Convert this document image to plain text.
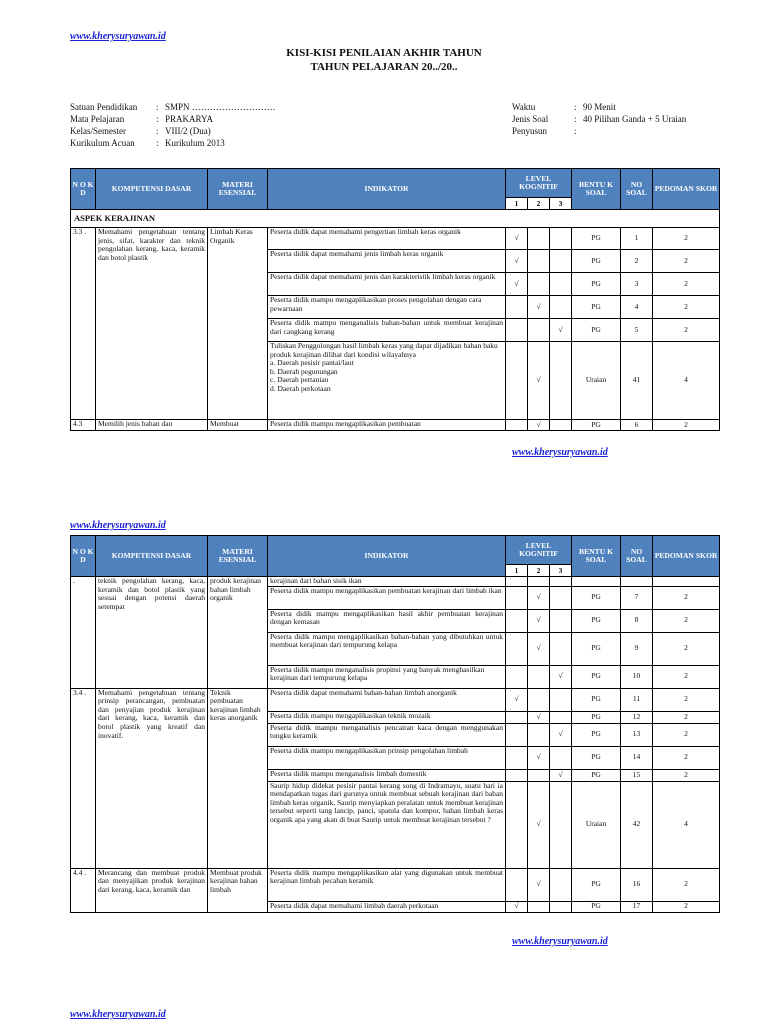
www.kherysuryawan.id
KISI-KISI PENILAIAN AKHIR TAHUN
TAHUN PELAJARAN 20../20..
Satuan Pendidikan	: SMPN ……………………….
Mata Pelajaran	: PRAKARYA
Kelas/Semester	: VIII/2 (Dua)
Kurikulum Acuan	: Kurikulum 2013
Waktu	: 90 Menit
Jenis Soal	: 40 Pilihan Ganda + 5 Uraian
Penyusun	:
N O K D	KOMPETENSI DASAR	MATERI ESENSIAL	INDIKATOR	LEVEL KOGNITIF			BENTU K SOAL	NO SOAL	PEDOMAN SKOR
				1	2	3			
ASPEK KERAJINAN									
3.3 .	Memahami pengetahuan tentang jenis, sifat, karakter dan teknik pengolahan kerang, kaca, keramik dan botol plastik	Limbah Keras Organik	Peserta didik dapat memahami pengertian limbah keras organik	√			PG	1	2
			Peserta didik dapat memahami jenis limbah keras organik	√			PG	2	2
			Peserta didik dapat memahami jenis dan karakteristik limbah keras organik	√			PG	3	2
			Peserta didik mampu mengaplikasikan proses pengolahan dengan cara pewarnaan		√		PG	4	2
			Peserta didik mampu menganalisis bahan-bahan untuk membuat kerajinan dari cangkang kerang			√	PG	5	2

			Tuliskan Penggolongan hasil limbah keras yang dapat dijadikan bahan baku produk kerajinan dilihat dari kondisi wilayahnya
a. Daerah pesisir pantai/laut
b. Daerah pegunungan
c. Daerah pertanian
d. Daerah perkotaan		√		Uraian	41	4
4.3	Memilih jenis bahan dan	Membuat	Peserta didik mampu mengaplikasikan pembuatan		√		PG	6	2
www.kherysuryawan.id
www.kherysuryawan.id
N O K D	KOMPETENSI DASAR	MATERI ESENSIAL	INDIKATOR	LEVEL KOGNITIF			BENTU K SOAL	NO SOAL	PEDOMAN SKOR
				1	2	3			
.	teknik pengolahan kerang, kaca, keramik dan botol plastik yang sesuai dengan potensi daerah setempat	produk kerajinan bahan limbah organik	kerajinan dari bahan sisik ikan						
			Peserta didik mampu mengaplikasikan pembuatan kerajinan dari limbah ikan		√		PG	7	2
			Peserta didik mampu mengaplikasikan hasil akhir pembuatan kerajinan dengan kemasan		√		PG	8	2
			Peserta didik mampu mengaplikasikan bahan-bahan yang dibutuhkan untuk membuat kerajinan dari tempurung kelapa		√		PG	9	2
			Peserta didik mampu menganalisis propinsi yang banyak menghasilkan kerajinan dari tempurung kelapa			√	PG	10	2
3.4 .	Memahami pengetahuan tentang prinsip perancangan, pembuatan dan penyajian produk kerajinan dari kerang, kaca, keramik dan botol plastik yang kreatif dan inovatif.	Teknik pembuatan kerajinan limbah keras anorganik	Peserta didik dapat memahami bahan-bahan limbah anorganik	√			PG	11	2
			Peserta didik mampu mengaplikasikan teknik mozaik		√		PG	12	2
			Peserta didik mampu menganalisis pencairan kaca dengan menggunakan tungku keramik			√	PG	13	2
			Peserta didik mampu mengaplikasikan prinsip pengolahan limbah		√		PG	14	2
			Peserta didik mampu menganalisis limbah domestik			√	PG	15	2
			Saurip hidup didekat pesisir pantai kerang song di Indramayu, suatu hari ia mendapatkan tugas dari gurunya untuk membuat sebuah kerajinan dari bahan limbah keras organik, Saurip menyiapkan peralatan untuk membuat kerajinan tersebut seperti tang lancip, panci, spatula dan kompor, bahan limbah keras organik apa yang akan di buat Saurip untuk membuat kerajinan tersebut ?		√		Uraian	42	4
4.4 .	Merancang dan membuat produk dan menyajikan produk kerajinan dari kerang, kaca, keramik dan	Membuat produk kerajinan bahan limbah	Peserta didik mampu mengaplikasikan alat yang digunakan untuk membuat kerajinan limbah pecahan keramik		√		PG	16	2
			Peserta didik dapat memahami limbah daerah perkotaan	√			PG	17	2
www.kherysuryawan.id
www.kherysuryawan.id
